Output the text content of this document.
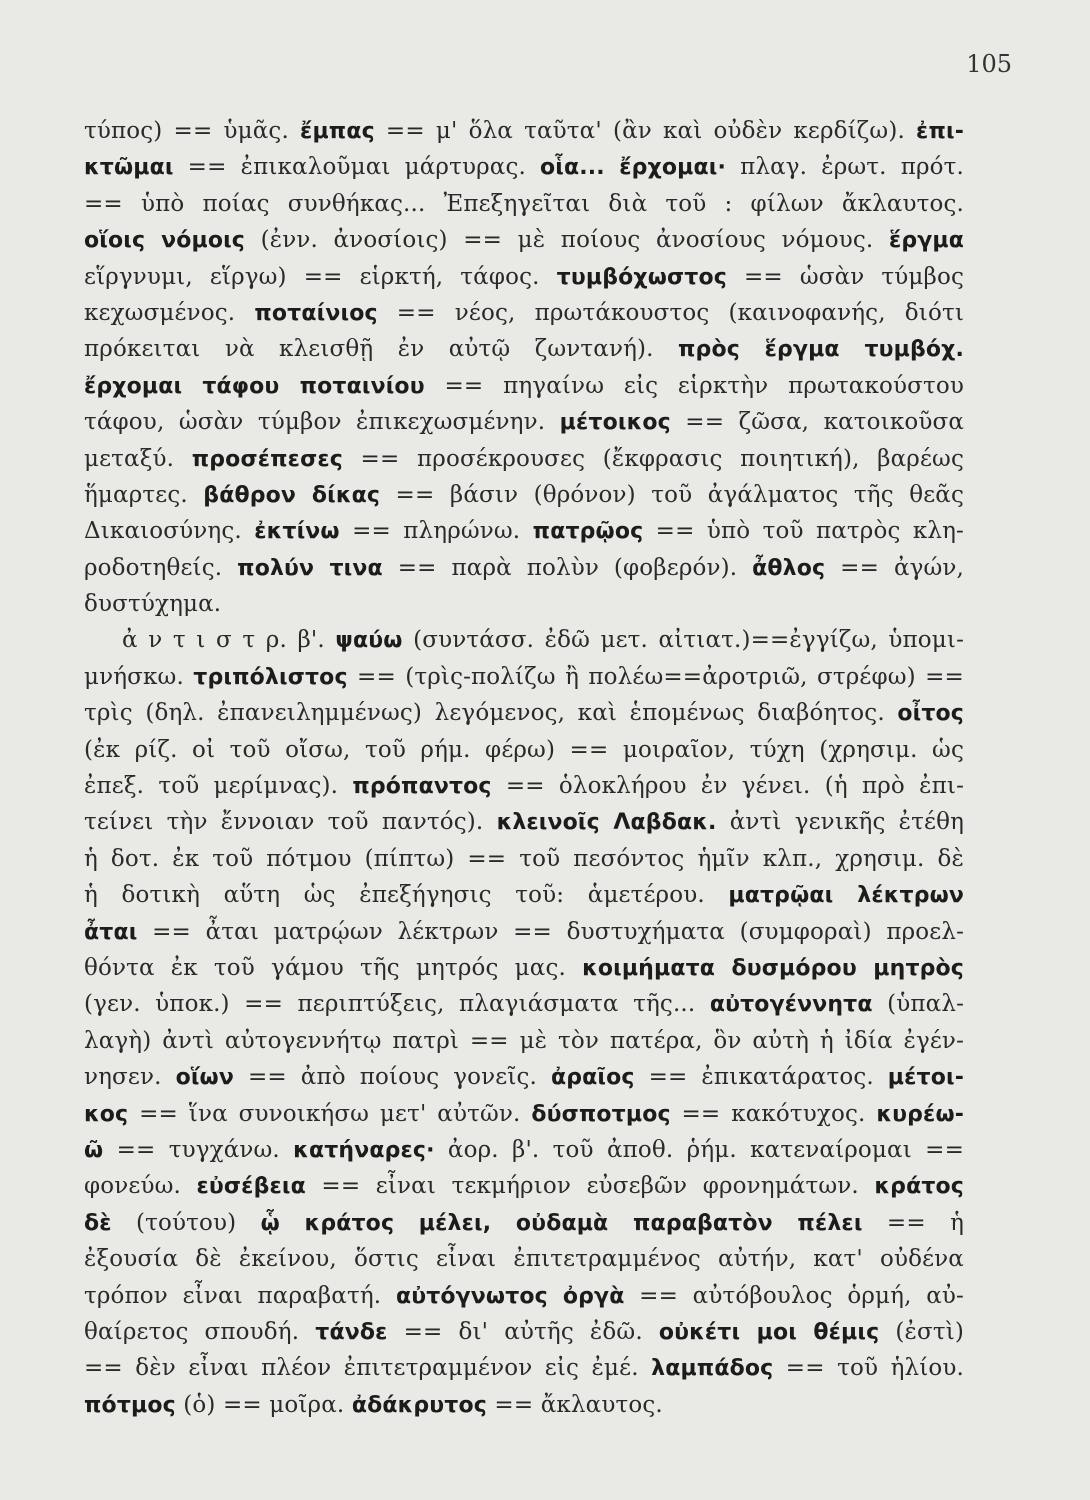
105
τύπος) == ὑμᾶς. ἔμπας == μ' ὅλα ταῦτα' (ἂν καὶ οὐδὲν κερδίζω). ἐπι-
κτῶμαι == ἐπικαλοῦμαι μάρτυρας. οἷα... ἔρχομαι· πλαγ. ἐρωτ. πρότ.
== ὑπὸ ποίας συνθήκας... Ἐπεξηγεῖται διὰ τοῦ : φίλων ἄκλαυτος.
οἵοις νόμοις (ἐνν. ἀνοσίοις) == μὲ ποίους ἀνοσίους νόμους. ἕργμα
εἵργνυμι, εἵργω) == εἱρκτή, τάφος. τυμβόχωστος == ὡσὰν τύμβος
κεχωσμένος. ποταίνιος == νέος, πρωτάκουστος (καινοφανής, διότι
πρόκειται νὰ κλεισθῇ ἐν αὐτῷ ζωντανή). πρὸς ἕργμα τυμβόχ.
ἔρχομαι τάφου ποταινίου == πηγαίνω εἰς εἱρκτὴν πρωτακούστου
τάφου, ὡσὰν τύμβον ἐπικεχωσμένην. μέτοικος == ζῶσα, κατοικοῦσα
μεταξύ. προσέπεσες == προσέκρουσες (ἔκφρασις ποιητική), βαρέως
ἥμαρτες. βάθρον δίκας == βάσιν (θρόνον) τοῦ ἀγάλματος τῆς θεᾶς
Δικαιοσύνης. ἐκτίνω == πληρώνω. πατρῷος == ὑπὸ τοῦ πατρὸς κλη-
ροδοτηθείς. πολύν τινα == παρὰ πολὺν (φοβερόν). ἆθλος == ἀγών,
δυστύχημα.
ἀ ν τ ι σ τ ρ. β'. ψαύω (συντάσσ. ἐδῶ μετ. αἰτιατ.)==ἐγγίζω, ὑπομι-
μνήσκω. τριπόλιστος == (τρὶς-πολίζω ἢ πολέω==ἀροτριῶ, στρέφω) ==
τρὶς (δηλ. ἐπανειλημμένως) λεγόμενος, καὶ ἑπομένως διαβόητος. οἶτος
(ἐκ ρίζ. οἰ τοῦ οἴσω, τοῦ ρήμ. φέρω) == μοιραῖον, τύχη (χρησιμ. ὡς
ἐπεξ. τοῦ μερίμνας). πρόπαντος == ὁλοκλήρου ἐν γένει. (ἡ πρὸ ἐπι-
τείνει τὴν ἔννοιαν τοῦ παντός). κλεινοῖς Λαβδακ. ἀντὶ γενικῆς ἐτέθη
ἡ δοτ. ἐκ τοῦ πότμου (πίπτω) == τοῦ πεσόντος ἡμῖν κλπ., χρησιμ. δὲ
ἡ δοτικὴ αὕτη ὡς ἐπεξήγησις τοῦ: ἁμετέρου. ματρῷαι λέκτρων
ἆται == ἆται ματρῴων λέκτρων == δυστυχήματα (συμφοραὶ) προελ-
θόντα ἐκ τοῦ γάμου τῆς μητρός μας. κοιμήματα δυσμόρου μητρὸς
(γεν. ὑποκ.) == περιπτύξεις, πλαγιάσματα τῆς... αὐτογέννητα (ὑπαλ-
λαγὴ) ἀντὶ αὐτογεννήτῳ πατρὶ == μὲ τὸν πατέρα, ὃν αὐτὴ ἡ ἰδία ἐγέν-
νησεν. οἵων == ἀπὸ ποίους γονεῖς. ἀραῖος == ἐπικατάρατος. μέτοι-
κος == ἵνα συνοικήσω μετ' αὐτῶν. δύσποτμος == κακότυχος. κυρέω-
ῶ == τυγχάνω. κατήναρες· ἀορ. β'. τοῦ ἀποθ. ῥήμ. κατεναίρομαι ==
φονεύω. εὐσέβεια == εἶναι τεκμήριον εὐσεβῶν φρονημάτων. κράτος
δὲ (τούτου) ᾧ κράτος μέλει, οὐδαμὰ παραβατὸν πέλει == ἡ
ἐξουσία δὲ ἐκείνου, ὅστις εἶναι ἐπιτετραμμένος αὐτήν, κατ' οὐδένα
τρόπον εἶναι παραβατή. αὐτόγνωτος ὀργὰ == αὐτόβουλος ὁρμή, αὐ-
θαίρετος σπουδή. τάνδε == δι' αὐτῆς ἐδῶ. οὐκέτι μοι θέμις (ἐστὶ)
== δὲν εἶναι πλέον ἐπιτετραμμένον εἰς ἐμέ. λαμπάδος == τοῦ ἡλίου.
πότμος (ὁ) == μοῖρα. ἀδάκρυτος == ἄκλαυτος.
